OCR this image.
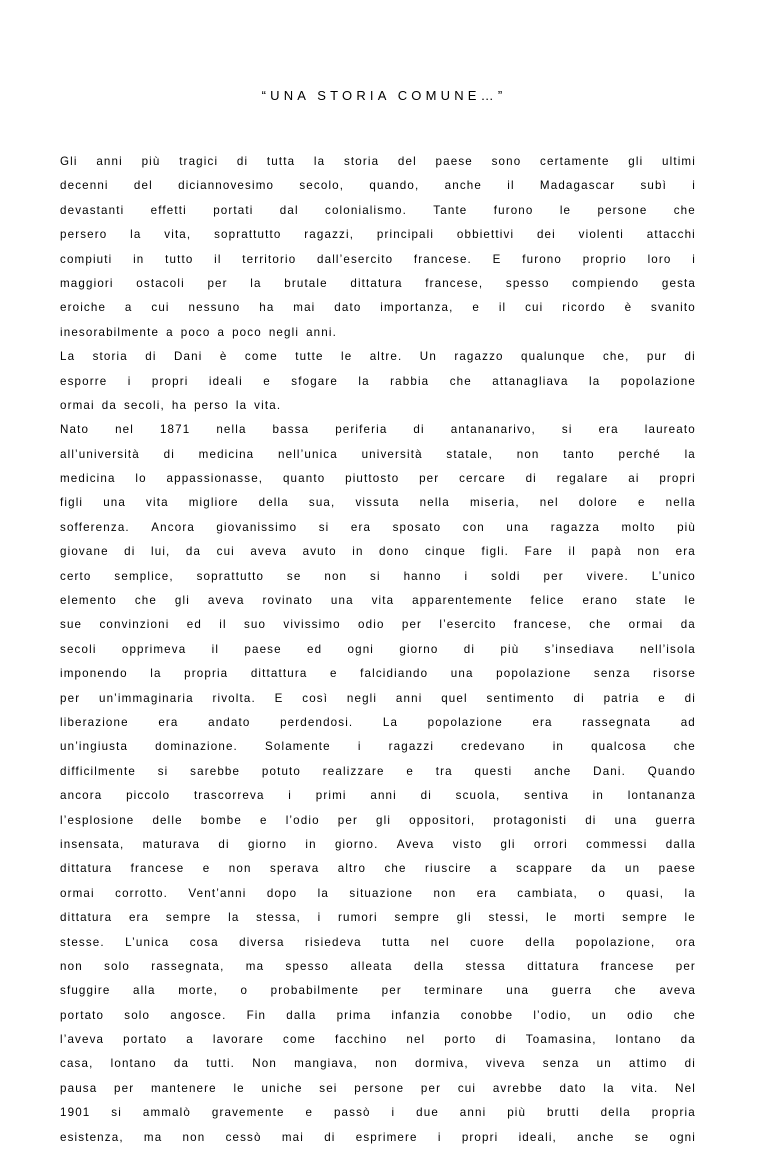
“UNA STORIA COMUNE…”
Gli anni più tragici di tutta la storia del paese sono certamente gli ultimi
decenni del diciannovesimo secolo, quando, anche il Madagascar subì i
devastanti effetti portati dal colonialismo. Tante furono le persone che
persero la vita, soprattutto ragazzi, principali obbiettivi dei violenti attacchi
compiuti in tutto il territorio dall’esercito francese. E furono proprio loro i
maggiori ostacoli per la brutale dittatura francese, spesso compiendo gesta
eroiche a cui nessuno ha mai dato importanza, e il cui ricordo è svanito
inesorabilmente a poco a poco negli anni.
La storia di Dani è come tutte le altre. Un ragazzo qualunque che, pur di
esporre i propri ideali e sfogare la rabbia che attanagliava la popolazione
ormai da secoli, ha perso la vita.
Nato nel 1871 nella bassa periferia di antananarivo, si era laureato
all’università di medicina nell’unica università statale, non tanto perché la
medicina lo appassionasse, quanto piuttosto per cercare di regalare ai propri
figli una vita migliore della sua, vissuta nella miseria, nel dolore e nella
sofferenza. Ancora giovanissimo si era sposato con una ragazza molto più
giovane di lui, da cui aveva avuto in dono cinque figli. Fare il papà non era
certo semplice, soprattutto se non si hanno i soldi per vivere. L’unico
elemento che gli aveva rovinato una vita apparentemente felice erano state le
sue convinzioni ed il suo vivissimo odio per l’esercito francese, che ormai da
secoli opprimeva il paese ed ogni giorno di più s’insediava nell’isola
imponendo la propria dittattura e falcidiando una popolazione senza risorse
per un’immaginaria rivolta. E così negli anni quel sentimento di patria e di
liberazione	era	andato	perdendosi.	La	popolazione	era	rassegnata	ad
un’ingiusta dominazione. Solamente i ragazzi credevano in qualcosa che
difficilmente si sarebbe potuto realizzare e tra questi anche Dani. Quando
ancora piccolo trascorreva i primi anni di scuola, sentiva in lontananza
l’esplosione delle bombe e l’odio per gli oppositori, protagonisti di una guerra
insensata, maturava di giorno in giorno. Aveva visto gli orrori commessi dalla
dittatura francese e non sperava altro che riuscire a scappare da un paese
ormai corrotto. Vent’anni dopo la situazione non era cambiata, o quasi, la
dittatura era sempre la stessa, i rumori sempre gli stessi, le morti sempre le
stesse. L’unica cosa diversa risiedeva tutta nel cuore della popolazione, ora
non solo rassegnata, ma spesso alleata della stessa dittatura francese per
sfuggire alla morte, o probabilmente per terminare una guerra che aveva
portato solo angosce. Fin dalla prima infanzia conobbe l’odio, un odio che
l’aveva portato a lavorare come facchino nel porto di Toamasina, lontano da
casa, lontano da tutti. Non mangiava, non dormiva, viveva senza un attimo di
pausa per mantenere le uniche sei persone per cui avrebbe dato la vita. Nel
1901 si ammalò gravemente e passò i due anni più brutti della propria
esistenza, ma non cessò mai di esprimere i propri ideali, anche se ogni
